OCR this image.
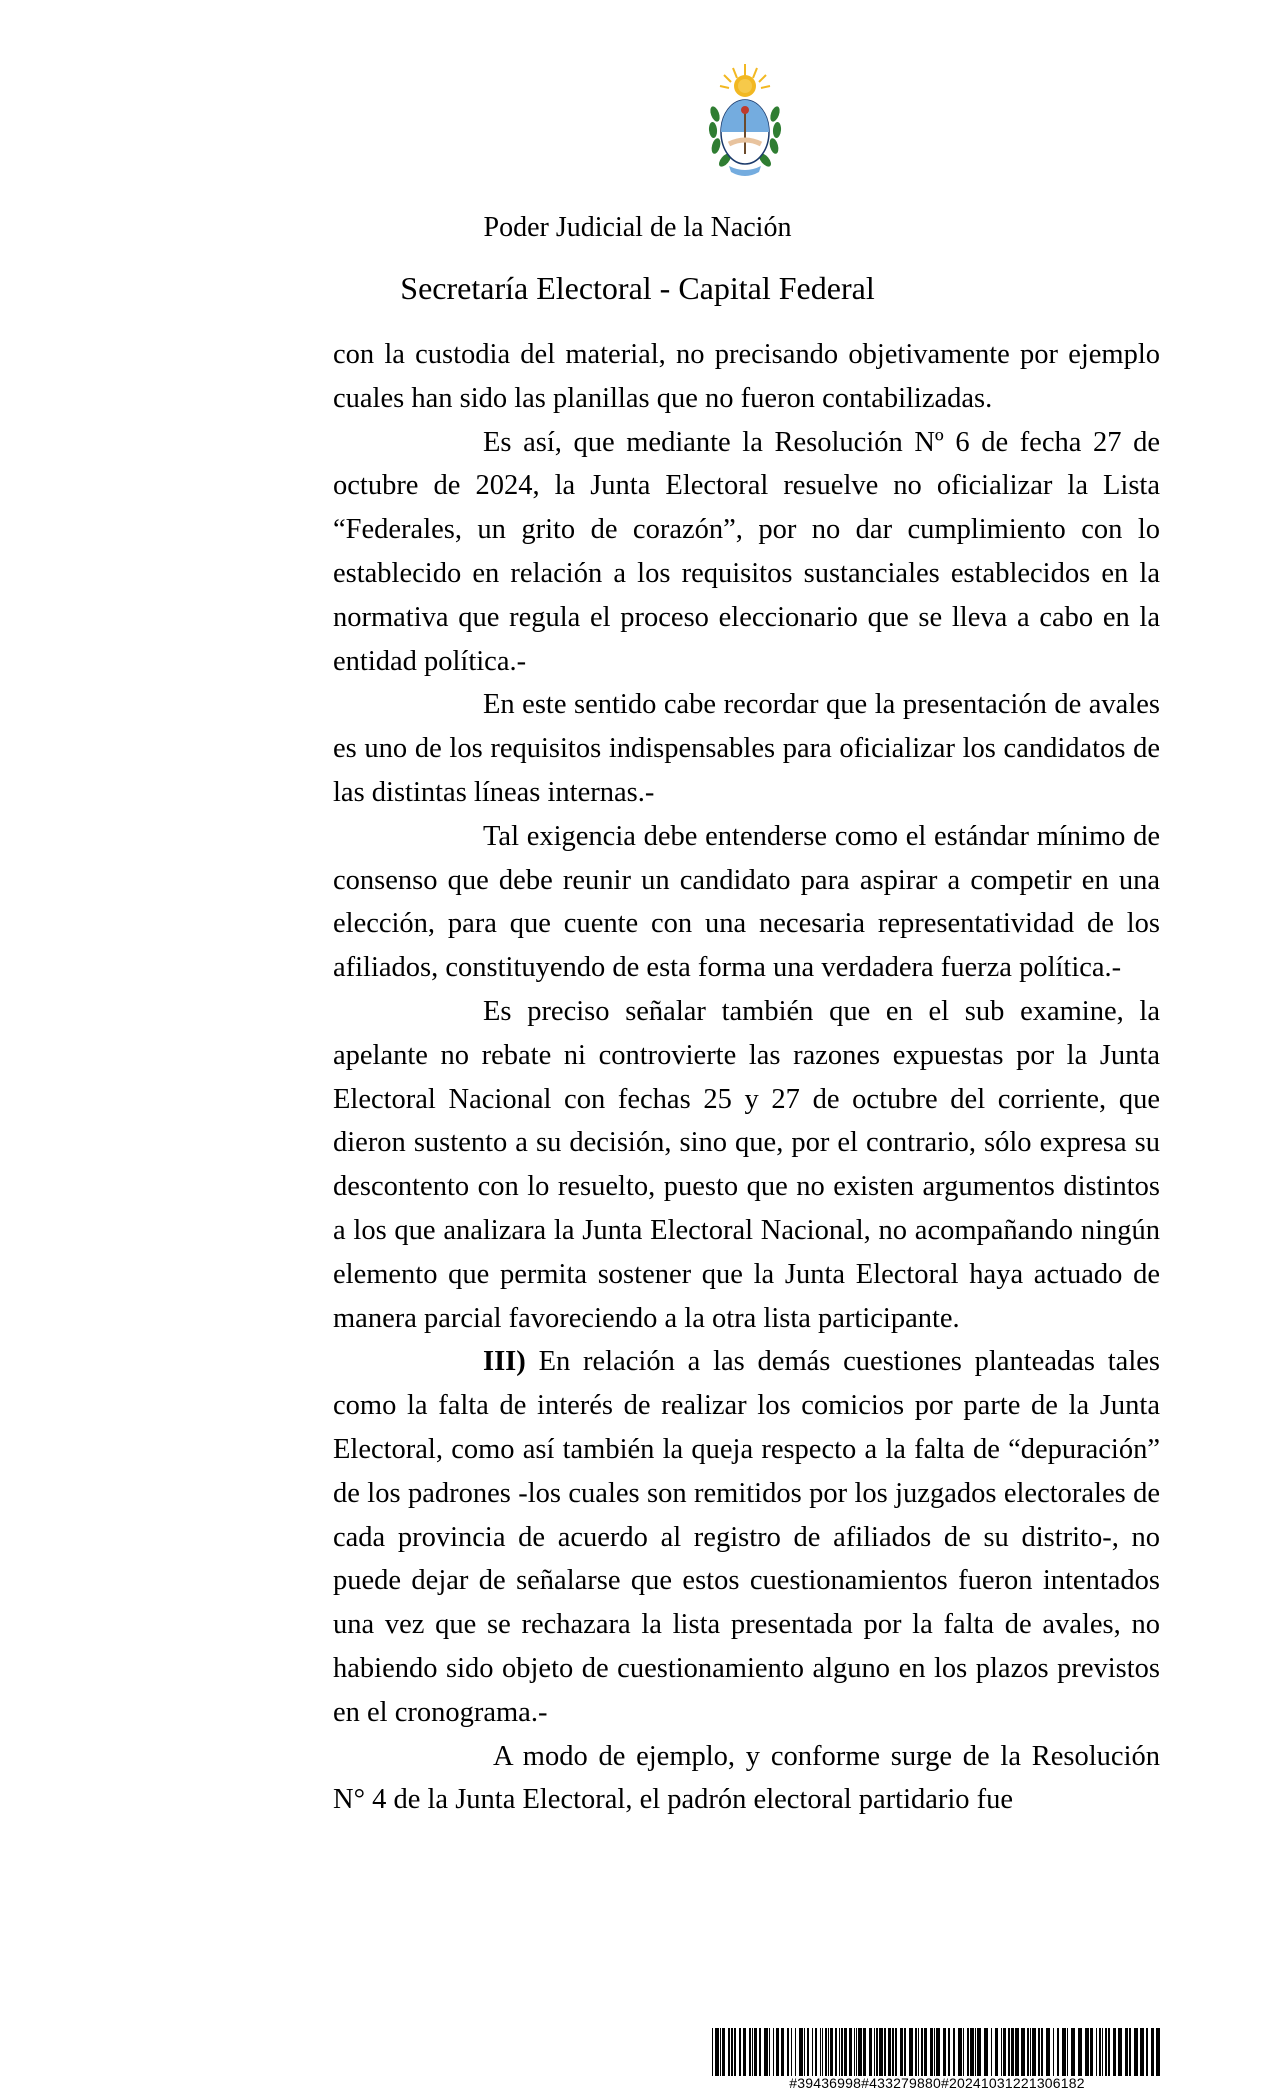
Poder Judicial de la Nación
Secretaría Electoral - Capital Federal

con la custodia del material, no precisando objetivamente por ejemplo cuales han sido las planillas que no fueron contabilizadas.

Es así, que mediante la Resolución Nº 6 de fecha 27 de octubre de 2024, la Junta Electoral resuelve no oficializar la Lista “Federales, un grito de corazón”, por no dar cumplimiento con lo establecido en relación a los requisitos sustanciales establecidos en la normativa que regula el proceso eleccionario que se lleva a cabo en la entidad política.-

En este sentido cabe recordar que la presentación de avales es uno de los requisitos indispensables para oficializar los candidatos de las distintas líneas internas.-

Tal exigencia debe entenderse como el estándar mínimo de consenso que debe reunir un candidato para aspirar a competir en una elección, para que cuente con una necesaria representatividad de los afiliados, constituyendo de esta forma una verdadera fuerza política.-

Es preciso señalar también que en el sub examine, la apelante no rebate ni controvierte las razones expuestas por la Junta Electoral Nacional con fechas 25 y 27 de octubre del corriente, que dieron sustento a su decisión, sino que, por el contrario, sólo expresa su descontento con lo resuelto, puesto que no existen argumentos distintos a los que analizara la Junta Electoral Nacional, no acompañando ningún elemento que permita sostener que la Junta Electoral haya actuado de manera parcial favoreciendo a la otra lista participante.

III) En relación a las demás cuestiones planteadas tales como la falta de interés de realizar los comicios por parte de la Junta Electoral, como así también la queja respecto a la falta de “depuración” de los padrones -los cuales son remitidos por los juzgados electorales de cada provincia de acuerdo al registro de afiliados de su distrito-, no puede dejar de señalarse que estos cuestionamientos fueron intentados una vez que se rechazara la lista presentada por la falta de avales, no habiendo sido objeto de cuestionamiento alguno en los plazos previstos en el cronograma.-

A modo de ejemplo, y conforme surge de la Resolución N° 4 de la Junta Electoral, el padrón electoral partidario fue

#39436998#433279880#20241031221306182
